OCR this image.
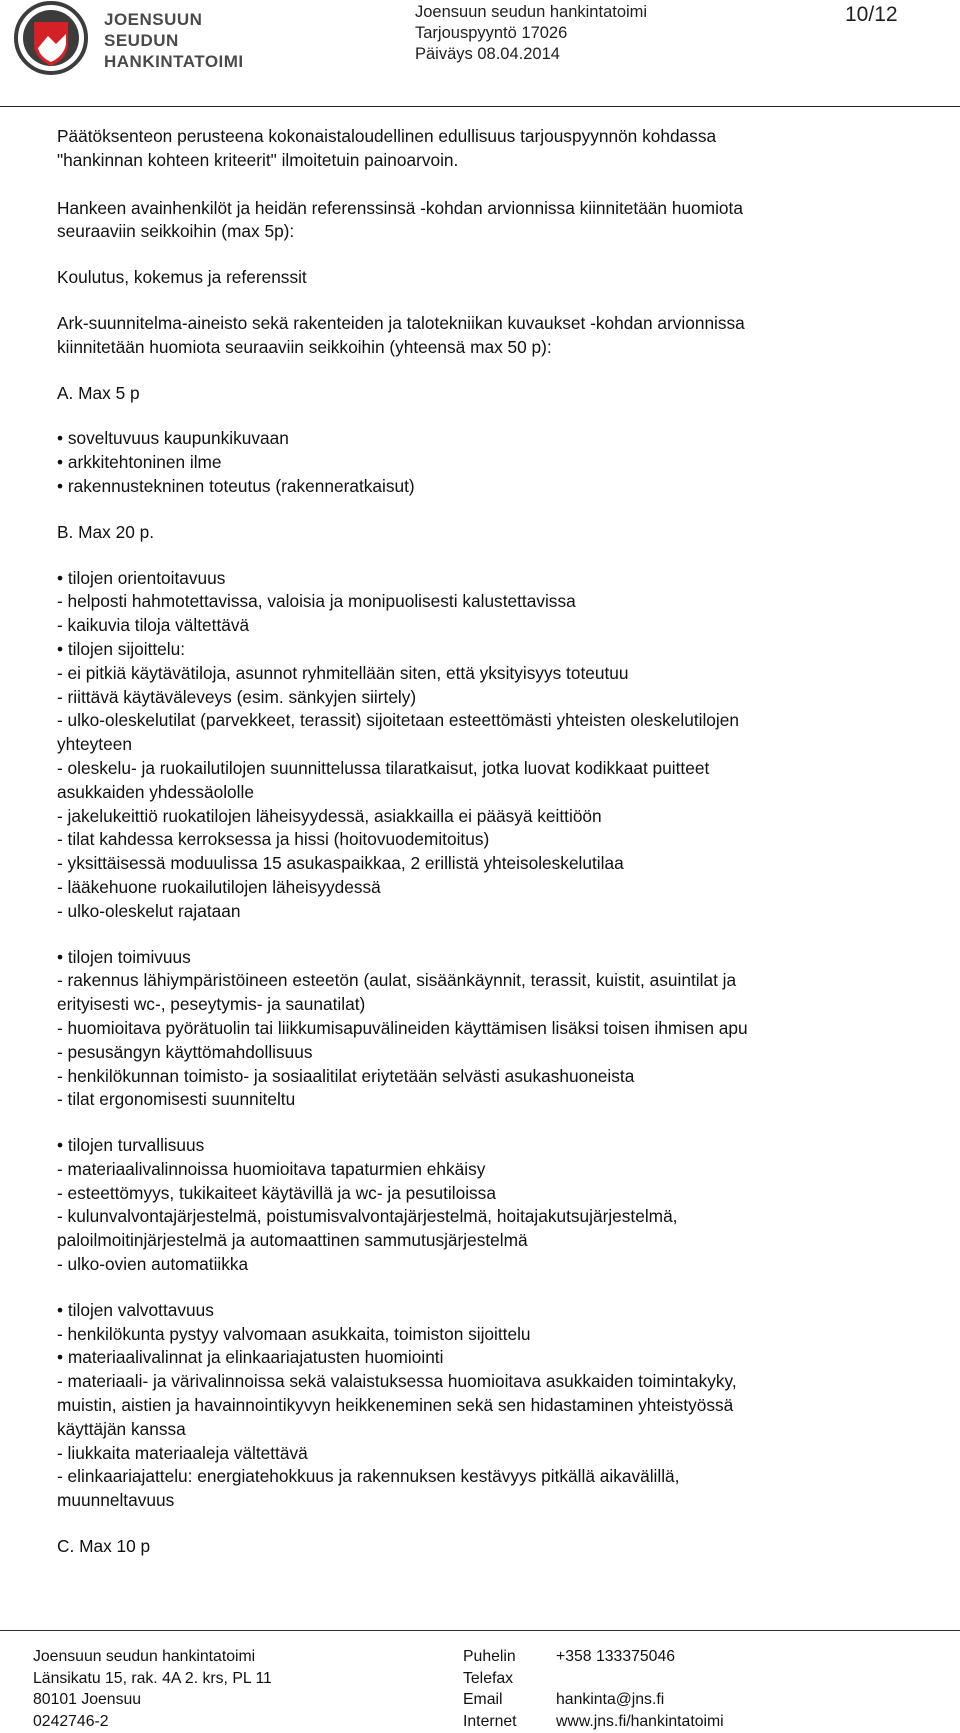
JOENSUUN
SEUDUN
HANKINTATOIMI
Joensuun seudun hankintatoimi
Tarjouspyyntö 17026
Päiväys 08.04.2014
10/12

Päätöksenteon perusteena kokonaistaloudellinen edullisuus tarjouspyynnön kohdassa
"hankinnan kohteen kriteerit" ilmoitetuin painoarvoin.

Hankeen avainhenkilöt ja heidän referenssinsä -kohdan arvionnissa kiinnitetään huomiota
seuraaviin seikkoihin (max 5p):

Koulutus, kokemus ja referenssit

Ark-suunnitelma-aineisto sekä rakenteiden ja talotekniikan kuvaukset -kohdan arvionnissa
kiinnitetään huomiota seuraaviin seikkoihin (yhteensä max 50 p):

A. Max 5 p

• soveltuvuus kaupunkikuvaan
• arkkitehtoninen ilme
• rakennustekninen toteutus (rakenneratkaisut)

B. Max 20 p.

• tilojen orientoitavuus
- helposti hahmotettavissa, valoisia ja monipuolisesti kalustettavissa
- kaikuvia tiloja vältettävä
• tilojen sijoittelu:
- ei pitkiä käytävätiloja, asunnot ryhmitellään siten, että yksityisyys toteutuu
- riittävä käytäväleveys (esim. sänkyjen siirtely)
- ulko-oleskelutilat (parvekkeet, terassit) sijoitetaan esteettömästi yhteisten oleskelutilojen
yhteyteen
- oleskelu- ja ruokailutilojen suunnittelussa tilaratkaisut, jotka luovat kodikkaat puitteet
asukkaiden yhdessäololle
- jakelukeittiö ruokatilojen läheisyydessä, asiakkailla ei pääsyä keittiöön
- tilat kahdessa kerroksessa ja hissi (hoitovuodemitoitus)
- yksittäisessä moduulissa 15 asukaspaikkaa, 2 erillistä yhteisoleskelutilaa
- lääkehuone ruokailutilojen läheisyydessä
- ulko-oleskelut rajataan

• tilojen toimivuus
- rakennus lähiympäristöineen esteetön (aulat, sisäänkäynnit, terassit, kuistit, asuintilat ja
erityisesti wc-, peseytymis- ja saunatilat)
- huomioitava pyörätuolin tai liikkumisapuvälineiden käyttämisen lisäksi toisen ihmisen apu
- pesusängyn käyttömahdollisuus
- henkilökunnan toimisto- ja sosiaalitilat eriytetään selvästi asukashuoneista
- tilat ergonomisesti suunniteltu

• tilojen turvallisuus
- materiaalivalinnoissa huomioitava tapaturmien ehkäisy
- esteettömyys, tukikaiteet käytävillä ja wc- ja pesutiloissa
- kulunvalvontajärjestelmä, poistumisvalvontajärjestelmä, hoitajakutsujärjestelmä,
paloilmoitinjärjestelmä ja automaattinen sammutusjärjestelmä
- ulko-ovien automatiikka

• tilojen valvottavuus
- henkilökunta pystyy valvomaan asukkaita, toimiston sijoittelu
• materiaalivalinnat ja elinkaariajatusten huomiointi
- materiaali- ja värivalinnoissa sekä valaistuksessa huomioitava asukkaiden toimintakyky,
muistin, aistien ja havainnointikyvyn heikkeneminen sekä sen hidastaminen yhteistyössä
käyttäjän kanssa
- liukkaita materiaaleja vältettävä
- elinkaariajattelu: energiatehokkuus ja rakennuksen kestävyys pitkällä aikavälillä,
muunneltavuus

C. Max 10 p

Joensuun seudun hankintatoimi
Länsikatu 15, rak. 4A 2. krs, PL 11
80101 Joensuu
0242746-2
Puhelin
Telefax
Email
Internet
+358 133375046

hankinta@jns.fi
www.jns.fi/hankintatoimi
